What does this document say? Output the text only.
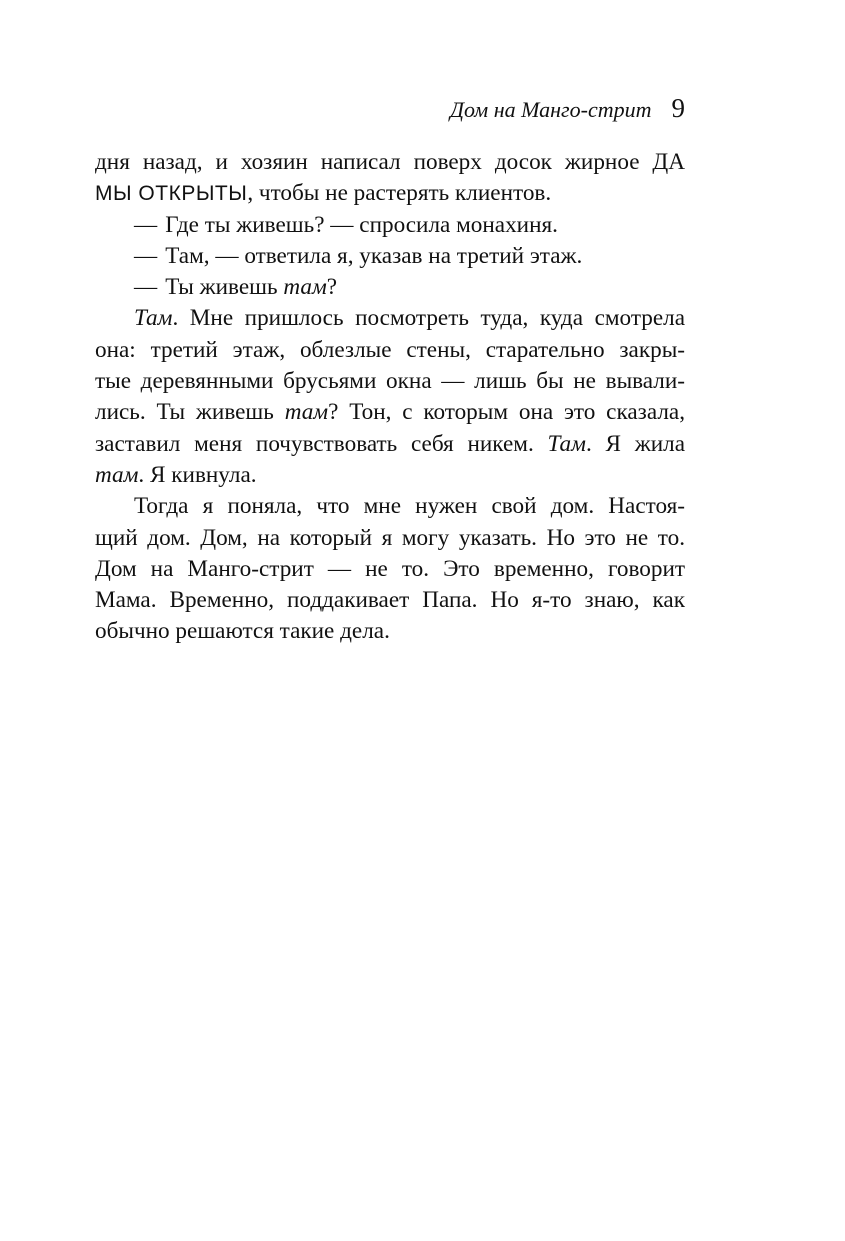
Дом на Манго-стрит 9
дня назад, и хозяин написал поверх досок жирное ДА
МЫ ОТКРЫТЫ, чтобы не растерять клиентов.
— Где ты живешь? — спросила монахиня.
— Там, — ответила я, указав на третий этаж.
— Ты живешь там?
Там. Мне пришлось посмотреть туда, куда смотрела
она: третий этаж, облезлые стены, старательно закры-
тые деревянными брусьями окна — лишь бы не вывали-
лись. Ты живешь там? Тон, с которым она это сказала,
заставил меня почувствовать себя никем. Там. Я жила
там. Я кивнула.
Тогда я поняла, что мне нужен свой дом. Настоя-
щий дом. Дом, на который я могу указать. Но это не то.
Дом на Манго-стрит — не то. Это временно, говорит
Мама. Временно, поддакивает Папа. Но я-то знаю, как
обычно решаются такие дела.
